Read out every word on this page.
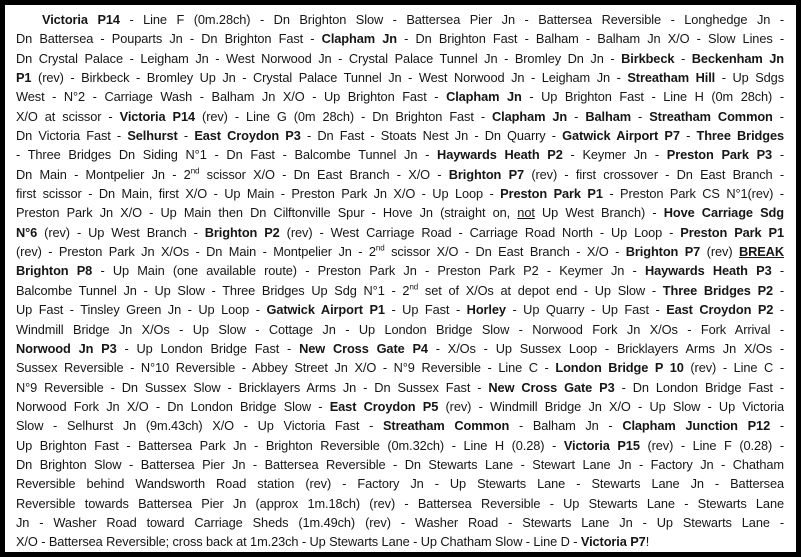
Victoria P14 - Line F (0m.28ch) - Dn Brighton Slow - Battersea Pier Jn - Battersea Reversible - Longhedge Jn -
Dn Battersea - Pouparts Jn - Dn Brighton Fast - Clapham Jn - Dn Brighton Fast - Balham - Balham Jn X/O - Slow Lines -
Dn Crystal Palace - Leigham Jn - West Norwood Jn - Crystal Palace Tunnel Jn - Bromley Dn Jn - Birkbeck - Beckenham Jn
P1 (rev) - Birkbeck - Bromley Up Jn - Crystal Palace Tunnel Jn - West Norwood Jn - Leigham Jn - Streatham Hill - Up Sdgs
West - N°2 - Carriage Wash - Balham Jn X/O - Up Brighton Fast - Clapham Jn - Up Brighton Fast - Line H (0m 28ch) -
X/O at scissor - Victoria P14 (rev) - Line G (0m 28ch) - Dn Brighton Fast - Clapham Jn - Balham - Streatham Common -
Dn Victoria Fast - Selhurst - East Croydon P3 - Dn Fast - Stoats Nest Jn - Dn Quarry - Gatwick Airport P7 - Three Bridges
- Three Bridges Dn Siding N°1 - Dn Fast - Balcombe Tunnel Jn - Haywards Heath P2 - Keymer Jn - Preston Park P3 -
Dn Main - Montpelier Jn - 2nd scissor X/O - Dn East Branch - X/O - Brighton P7 (rev) - first crossover - Dn East Branch -
first scissor - Dn Main, first X/O - Up Main - Preston Park Jn X/O - Up Loop - Preston Park P1 - Preston Park CS N°1(rev) -
Preston Park Jn X/O - Up Main then Dn Cilftonville Spur - Hove Jn (straight on, not Up West Branch) - Hove Carriage Sdg
N°6 (rev) - Up West Branch - Brighton P2 (rev) - West Carriage Road - Carriage Road North - Up Loop - Preston Park P1
(rev) - Preston Park Jn X/Os - Dn Main - Montpelier Jn - 2nd scissor X/O - Dn East Branch - X/O - Brighton P7 (rev) BREAK
Brighton P8 - Up Main (one available route) - Preston Park Jn - Preston Park P2 - Keymer Jn - Haywards Heath P3 -
Balcombe Tunnel Jn - Up Slow - Three Bridges Up Sdg N°1 - 2nd set of X/Os at depot end - Up Slow - Three Bridges P2 -
Up Fast - Tinsley Green Jn - Up Loop - Gatwick Airport P1 - Up Fast - Horley - Up Quarry - Up Fast - East Croydon P2 -
Windmill Bridge Jn X/Os - Up Slow - Cottage Jn - Up London Bridge Slow - Norwood Fork Jn X/Os - Fork Arrival -
Norwood Jn P3 - Up London Bridge Fast - New Cross Gate P4 - X/Os - Up Sussex Loop - Bricklayers Arms Jn X/Os -
Sussex Reversible - N°10 Reversible - Abbey Street Jn X/O - N°9 Reversible - Line C - London Bridge P 10 (rev) - Line C -
N°9 Reversible - Dn Sussex Slow - Bricklayers Arms Jn - Dn Sussex Fast - New Cross Gate P3 - Dn London Bridge Fast -
Norwood Fork Jn X/O - Dn London Bridge Slow - East Croydon P5 (rev) - Windmill Bridge Jn X/O - Up Slow - Up Victoria
Slow - Selhurst Jn (9m.43ch) X/O - Up Victoria Fast - Streatham Common - Balham Jn - Clapham Junction P12 -
Up Brighton Fast - Battersea Park Jn - Brighton Reversible (0m.32ch) - Line H (0.28) - Victoria P15 (rev) - Line F (0.28) -
Dn Brighton Slow - Battersea Pier Jn - Battersea Reversible - Dn Stewarts Lane - Stewart Lane Jn - Factory Jn - Chatham
Reversible behind Wandsworth Road station (rev) - Factory Jn - Up Stewarts Lane - Stewarts Lane Jn - Battersea
Reversible towards Battersea Pier Jn (approx 1m.18ch) (rev) - Battersea Reversible - Up Stewarts Lane - Stewarts Lane
Jn - Washer Road toward Carriage Sheds (1m.49ch) (rev) - Washer Road - Stewarts Lane Jn - Up Stewarts Lane -
X/O - Battersea Reversible; cross back at 1m.23ch - Up Stewarts Lane - Up Chatham Slow - Line D - Victoria P7!
